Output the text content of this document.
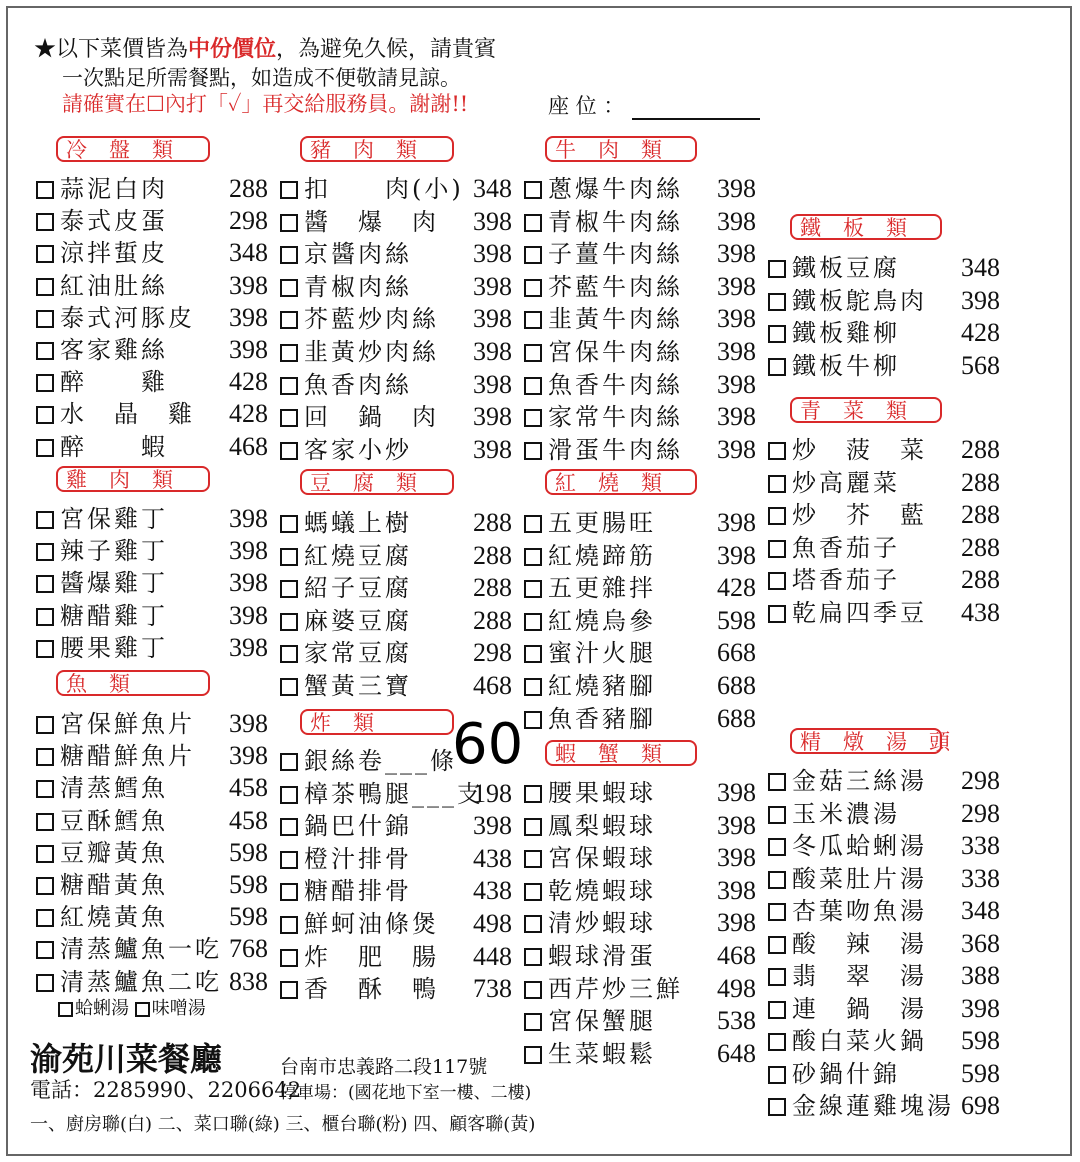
★以下菜價皆為中份價位，為避免久候，請貴賓
一次點足所需餐點，如造成不便敬請見諒。
請確實在☐內打「✓」再交給服務員。謝謝!!	座 位 ：
冷盤類
蒜泥白肉 288
泰式皮蛋 298
涼拌蜇皮 348
紅油肚絲 398
泰式河豚皮 398
客家雞絲 398
醉　　雞 428
水　晶　雞 428
醉　　蝦 468
雞肉類
宮保雞丁 398
辣子雞丁 398
醬爆雞丁 398
糖醋雞丁 398
腰果雞丁 398
魚類
宮保鮮魚片 398
糖醋鮮魚片 398
清蒸鱈魚 458
豆酥鱈魚 458
豆瓣黃魚 598
糖醋黃魚 598
紅燒黃魚 598
清蒸鱸魚一吃 768
清蒸鱸魚二吃 838
豬肉類
扣　　肉(小) 348
醬　爆　肉 398
京醬肉絲 398
青椒肉絲 398
芥藍炒肉絲 398
韭黃炒肉絲 398
魚香肉絲 398
回　鍋　肉 398
客家小炒 398
豆腐類
螞蟻上樹 288
紅燒豆腐 288
紹子豆腐 288
麻婆豆腐 288
家常豆腐 298
蟹黃三寶 468
炸類
銀絲卷___條
樟茶鴨腿___支
198
鍋巴什錦 398
橙汁排骨 438
糖醋排骨 438
鮮蚵油條煲 498
炸　肥　腸 448
香　酥　鴨 738
牛肉類
蔥爆牛肉絲 398
青椒牛肉絲 398
子薑牛肉絲 398
芥藍牛肉絲 398
韭黃牛肉絲 398
宮保牛肉絲 398
魚香牛肉絲 398
家常牛肉絲 398
滑蛋牛肉絲 398
紅燒類
五更腸旺 398
紅燒蹄筋 398
五更雜拌 428
紅燒烏參 598
蜜汁火腿 668
紅燒豬腳 688
魚香豬腳 688
蝦蟹類
腰果蝦球 398
鳳梨蝦球 398
宮保蝦球 398
乾燒蝦球 398
清炒蝦球 398
蝦球滑蛋 468
西芹炒三鮮 498
宮保蟹腿 538
生菜蝦鬆 648
鐵板類
鐵板豆腐 348
鐵板鴕鳥肉 398
鐵板雞柳 428
鐵板牛柳 568
青菜類
炒　菠　菜 288
炒高麗菜 288
炒　芥　藍 288
魚香茄子 288
塔香茄子 288
乾扁四季豆 438
精燉湯頭
金菇三絲湯 298
玉米濃湯 298
冬瓜蛤蜊湯 338
酸菜肚片湯 338
杏葉吻魚湯 348
酸　辣　湯 368
翡　翠　湯 388
連　鍋　湯 398
酸白菜火鍋 598
砂鍋什錦 598
金線蓮雞塊湯 698
60
蛤蜊湯 味噌湯
渝苑川菜餐廳
電話：2285990、2206642
台南市忠義路二段117號
停車場：(國花地下室一樓、二樓)
一、廚房聯(白) 二、菜口聯(綠) 三、櫃台聯(粉) 四、顧客聯(黃)
